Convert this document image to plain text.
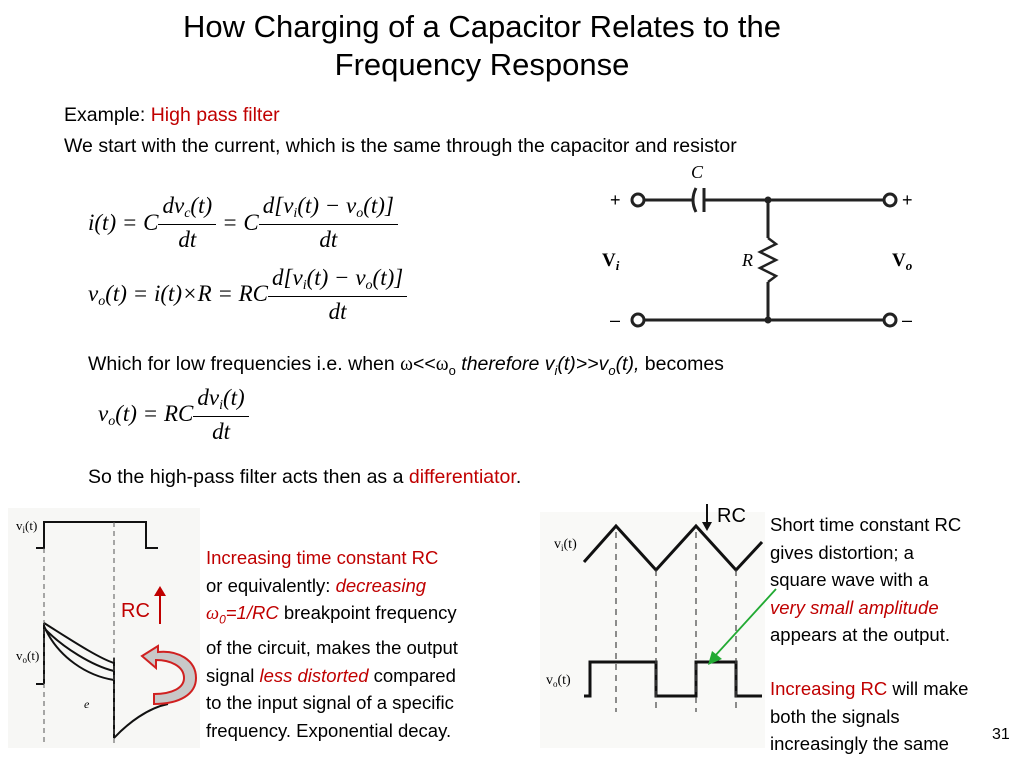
How Charging of a Capacitor Relates to the
Frequency Response
Example: High pass filter
We start with the current, which is the same through the capacitor and resistor
i(t) = C $\frac{dv_c(t)}{dt} = C \frac{d[v_i(t) - v_o(t)]}{dt}$
$v_o(t) = i(t)\times R$ = RC $\frac{d[v_i(t) - v_o(t)]}{dt}$
C
R
+
–
+
–
$V_i$	$V_o$
Which for low frequencies i.e. when $\omega<<\omega_o$ therefore $v_i(t)>>v_o(t)$, becomes
$v_o(t)$ = RC $\frac{dv_i(t)}{dt}$
So the high-pass filter acts then as a differentiator.
$v_i(t)$
$v_o(t)$
e
RC
Increasing time constant RC
or equivalently: decreasing
$\omega_0=1/RC$ breakpoint frequency
of the circuit, makes the output
signal less distorted compared
to the input signal of a specific
frequency. Exponential decay.
$v_i(t)$
$v_o(t)$
RC Short time constant RC
gives distortion; a
square wave with a
very small amplitude
appears at the output.
Increasing RC will make
both the signals
increasingly the same	31
